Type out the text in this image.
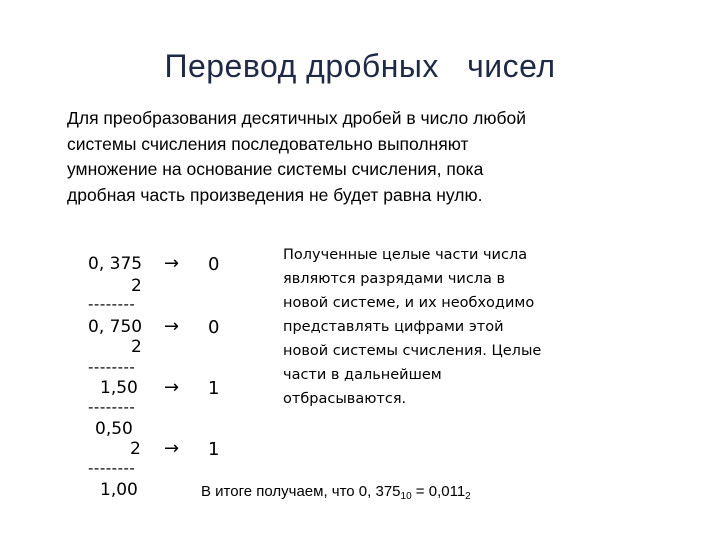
Перевод дробных   чисел
Для преобразования десятичных дробей в число любой системы счисления последовательно выполняют умножение на основание системы счисления, пока дробная часть произведения не будет равна нулю.
0, 375
2
--------
0, 750
2
--------
1,50
--------
0,50
2
--------
1,00
→
→
→
→
0
0
1
1
Полученные целые части числа являются разрядами числа в новой системе, и их необходимо представлять цифрами этой новой системы счисления. Целые части в дальнейшем отбрасываются.
В итоге получаем, что 0, $375_{10} = 0,011_2$
